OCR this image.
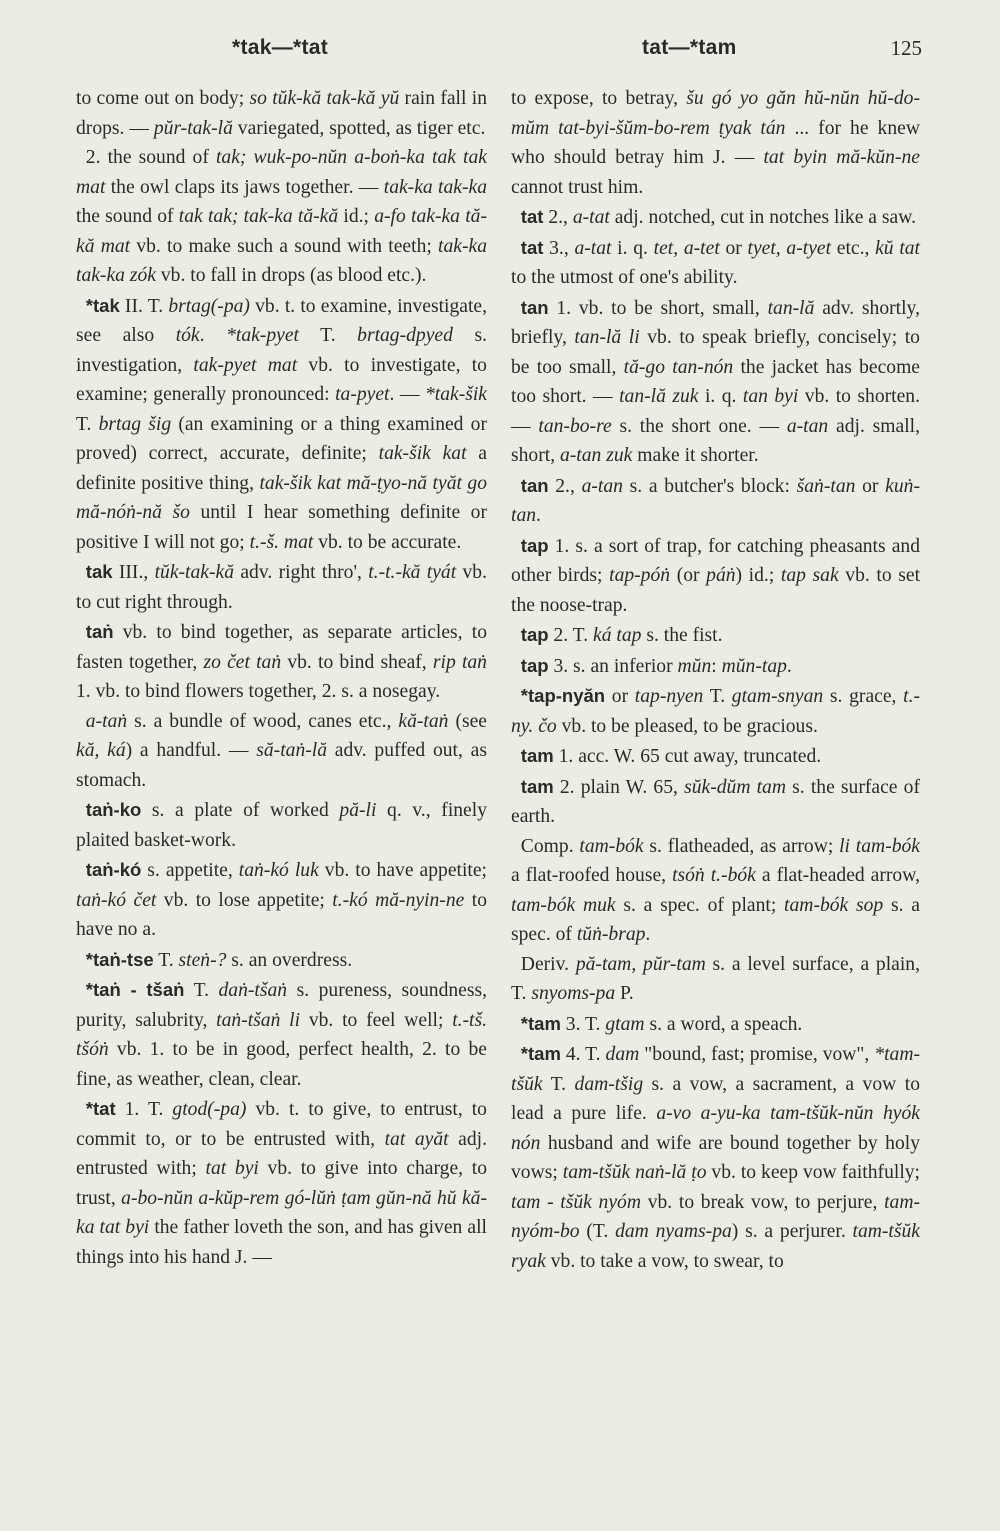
*tak—*tat	tat—*tam	125

to come out on body; so tŭk-kă tak-kă yŭ rain fall in drops. — pŭr-tak-lă variegated, spotted, as tiger etc.

2. the sound of tak; wuk-po-nŭn a-boṅ-ka tak tak mat the owl claps its jaws together. — tak-ka tak-ka the sound of tak tak; tak-ka tă-kă id.; a-fo tak-ka tă-kă mat vb. to make such a sound with teeth; tak-ka tak-ka zók vb. to fall in drops (as blood etc.).

*tak II. T. brtag(-pa) vb. t. to examine, investigate, see also tók. *tak-pyet T. brtag-dpyed s. investigation, tak-pyet mat vb. to investigate, to examine; generally pronounced: ta-pyet. — *tak-šik T. brtag šig (an examining or a thing examined or proved) correct, accurate, definite; tak-šik kat a definite positive thing, tak-šik kat mă-ṭyo-nă tyăt go mă-nóṅ-nă šo until I hear something definite or positive I will not go; t.-š. mat vb. to be accurate.

tak III., tŭk-tak-kă adv. right thro', t.-t.-kă tyát vb. to cut right through.

taṅ vb. to bind together, as separate articles, to fasten together, zo čet taṅ vb. to bind sheaf, rip taṅ 1. vb. to bind flowers together, 2. s. a nosegay.

a-taṅ s. a bundle of wood, canes etc., kă-taṅ (see kă, ká) a handful. — să-taṅ-lă adv. puffed out, as stomach.

taṅ-ko s. a plate of worked pă-li q. v., finely plaited basket-work.

taṅ-kó s. appetite, taṅ-kó luk vb. to have appetite; taṅ-kó čet vb. to lose appetite; t.-kó mă-nyin-ne to have no a.

*taṅ-tse T. steṅ-? s. an overdress.

*taṅ - tšaṅ T. daṅ-tšaṅ s. pureness, soundness, purity, salubrity, taṅ-tšaṅ li vb. to feel well; t.-tš. tšóṅ vb. 1. to be in good, perfect health, 2. to be fine, as weather, clean, clear.

*tat 1. T. gtod(-pa) vb. t. to give, to entrust, to commit to, or to be entrusted with, tat ayăt adj. entrusted with; tat byi vb. to give into charge, to trust, a-bo-nŭn a-kŭp-rem gó-lŭṅ ṭam gŭn-nă hŭ kă-ka tat byi the father loveth the son, and has given all things into his hand J. —

to expose, to betray, šu gó yo găn hŭ-nŭn hŭ-do-mŭm tat-byi-šŭm-bo-rem ṭyak tán ... for he knew who should betray him J. — tat byin mă-kŭn-ne cannot trust him.

tat 2., a-tat adj. notched, cut in notches like a saw.

tat 3., a-tat i. q. tet, a-tet or tyet, a-tyet etc., kŭ tat to the utmost of one's ability.

tan 1. vb. to be short, small, tan-lă adv. shortly, briefly, tan-lă li vb. to speak briefly, concisely; to be too small, tă-go tan-nón the jacket has become too short. — tan-lă zuk i. q. tan byi vb. to shorten. — tan-bo-re s. the short one. — a-tan adj. small, short, a-tan zuk make it shorter.

tan 2., a-tan s. a butcher's block: šaṅ-tan or kuṅ-tan.

tap 1. s. a sort of trap, for catching pheasants and other birds; tap-póṅ (or páṅ) id.; tap sak vb. to set the noose-trap.

tap 2. T. ká tap s. the fist.

tap 3. s. an inferior mŭn: mŭn-tap.

*tap-nyăn or tap-nyen T. gtam-snyan s. grace, t.-ny. čo vb. to be pleased, to be gracious.

tam 1. acc. W. 65 cut away, truncated.

tam 2. plain W. 65, sŭk-dŭm tam s. the surface of earth.

Comp. tam-bók s. flatheaded, as arrow; li tam-bók a flat-roofed house, tsóṅ t.-bók a flat-headed arrow, tam-bók muk s. a spec. of plant; tam-bók sop s. a spec. of tŭṅ-brap.

Deriv. pă-tam, pŭr-tam s. a level surface, a plain, T. snyoms-pa P.

*tam 3. T. gtam s. a word, a speach.

*tam 4. T. dam "bound, fast; promise, vow", *tam-tšŭk T. dam-tšig s. a vow, a sacrament, a vow to lead a pure life. a-vo a-yu-ka tam-tšŭk-nŭn hyók nón husband and wife are bound together by holy vows; tam-tšŭk naṅ-lă ṭo vb. to keep vow faithfully; tam - tšŭk nyóm vb. to break vow, to perjure, tam-nyóm-bo (T. dam nyams-pa) s. a perjurer. tam-tšŭk ryak vb. to take a vow, to swear, to
